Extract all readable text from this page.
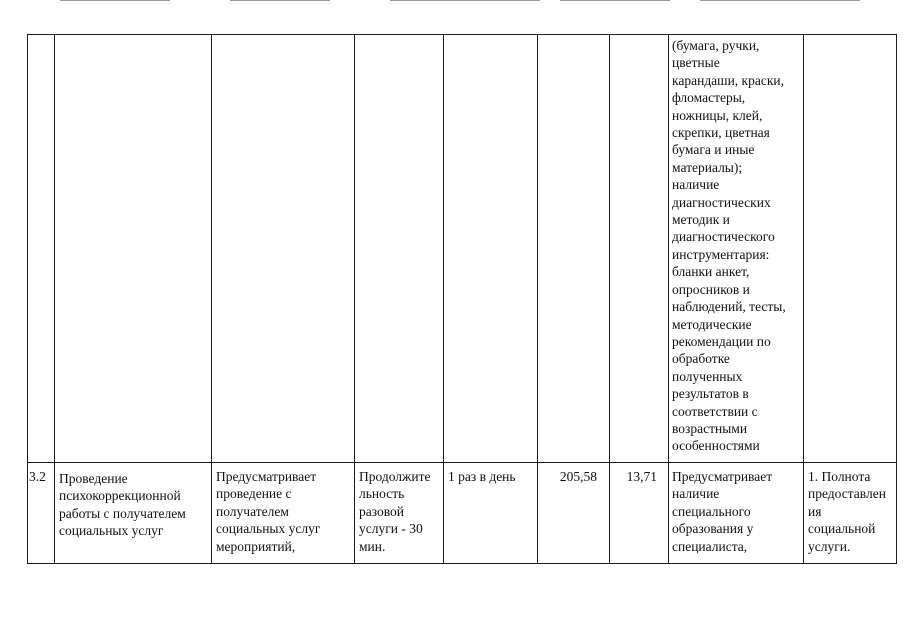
(бумага, ручки,
цветные
карандаши, краски,
фломастеры,
ножницы, клей,
скрепки, цветная
бумага и иные
материалы);
наличие
диагностических
методик и
диагностического
инструментария:
бланки анкет,
опросников и
наблюдений, тесты,
методические
рекомендации по
обработке
полученных
результатов в
соответствии с
возрастными
особенностями
3.2 Проведение
психокоррекционной
работы с получателем
социальных услуг
Предусматривает
проведение с
получателем
социальных услуг
мероприятий,
Продолжите
льность
разовой
услуги - 30
мин.
1 раз в день	205,58	13,71 Предусматривает
наличие
специального
образования у
специалиста,
1. Полнота
предоставлен
ия
социальной
услуги.
